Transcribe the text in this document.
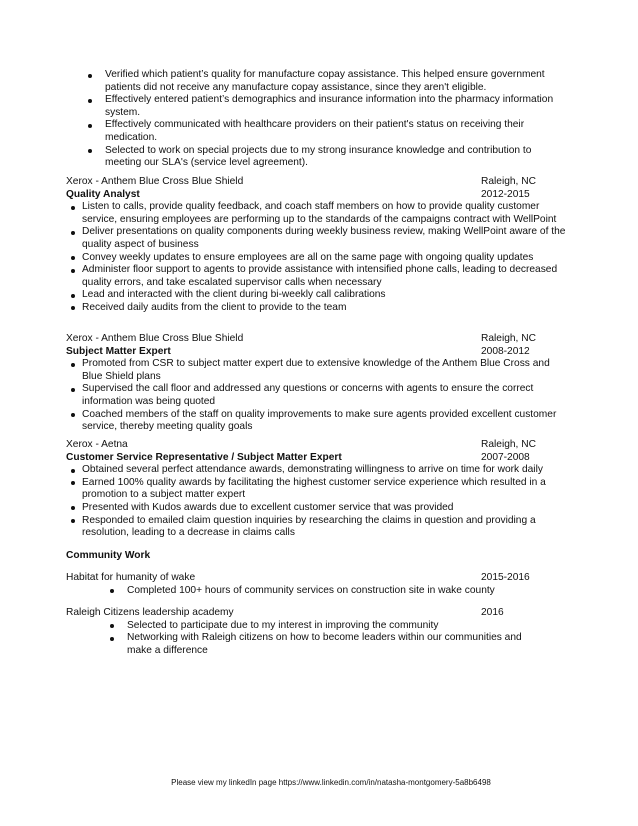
Verified which patient’s quality for manufacture copay assistance. This helped ensure government patients did not receive any manufacture copay assistance, since they aren't eligible.
Effectively entered patient’s demographics and insurance information into the pharmacy information system.
Effectively communicated with healthcare providers on their patient's status on receiving their medication.
Selected to work on special projects due to my strong insurance knowledge and contribution to meeting our SLA's (service level agreement).
Xerox - Anthem Blue Cross Blue Shield	Raleigh, NC
Quality Analyst	2012-2015
Listen to calls, provide quality feedback, and coach staff members on how to provide quality customer service, ensuring employees are performing up to the standards of the campaigns contract with WellPoint
Deliver presentations on quality components during weekly business review, making WellPoint aware of the quality aspect of business
Convey weekly updates to ensure employees are all on the same page with ongoing quality updates
Administer floor support to agents to provide assistance with intensified phone calls, leading to decreased quality errors, and take escalated supervisor calls when necessary
Lead and interacted with the client during bi-weekly call calibrations
Received daily audits from the client to provide to the team
Xerox - Anthem Blue Cross Blue Shield	Raleigh, NC
Subject Matter Expert	2008-2012
Promoted from CSR to subject matter expert due to extensive knowledge of the Anthem Blue Cross and Blue Shield plans
Supervised the call floor and addressed any questions or concerns with agents to ensure the correct information was being quoted
Coached members of the staff on quality improvements to make sure agents provided excellent customer service, thereby meeting quality goals
Xerox - Aetna	Raleigh, NC
Customer Service Representative / Subject Matter Expert	2007-2008
Obtained several perfect attendance awards, demonstrating willingness to arrive on time for work daily
Earned 100% quality awards by facilitating the highest customer service experience which resulted in a promotion to a subject matter expert
Presented with Kudos awards due to excellent customer service that was provided
Responded to emailed claim question inquiries by researching the claims in question and providing a resolution, leading to a decrease in claims calls
Community Work
Habitat for humanity of wake	2015-2016
Completed 100+ hours of community services on construction site in wake county
Raleigh Citizens leadership academy	2016
Selected to participate due to my interest in improving the community
Networking with Raleigh citizens on how to become leaders within our communities and make a difference
Please view my linkedIn page https://www.linkedin.com/in/natasha-montgomery-5a8b6498
